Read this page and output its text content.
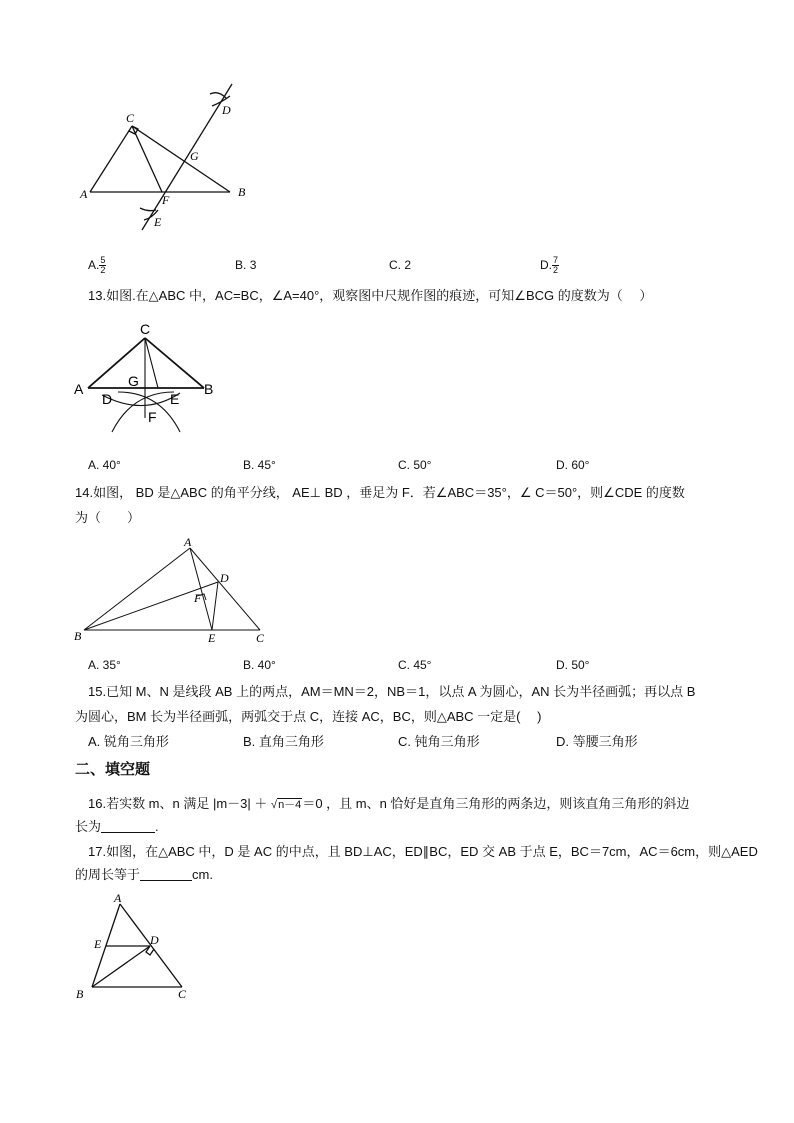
C
D
G
A	F
B
E
A. $\frac{5}{2}$	B. 3	C. 2	D. $\frac{7}{2}$
13.如图.在△ABC 中，AC=BC，∠A=40°，观察图中尺规作图的痕迹，可知∠BCG 的度数为（　 ）
C
A	G	B
D	E
F
A. 40°	B. 45°	C. 50°	D. 60°
14.如图， BD 是△ABC 的角平分线， AE⊥ BD ，垂足为 F．若∠ABC＝35°，∠ C＝50°，则∠CDE 的度数
为（　　）
A
D
F
B	E	C
A. 35°	B. 40°	C. 45°	D. 50°
15.已知 M、N 是线段 AB 上的两点，AM＝MN＝2，NB＝1，以点 A 为圆心，AN 长为半径画弧；再以点 B
为圆心，BM 长为半径画弧，两弧交于点 C，连接 AC，BC，则△ABC 一定是(　 )
A. 锐角三角形	B. 直角三角形	C. 钝角三角形	D. 等腰三角形
二、填空题
16.若实数 m、n 满足 |m－3| ＋ √n－4＝0 ，且 m、n 恰好是直角三角形的两条边，则该直角三角形的斜边
长为	.
17.如图，在△ABC 中，D 是 AC 的中点，且 BD⊥AC，ED∥BC，ED 交 AB 于点 E，BC＝7cm，AC＝6cm，则△AED
的周长等于	cm.
A
E	D
B	C
